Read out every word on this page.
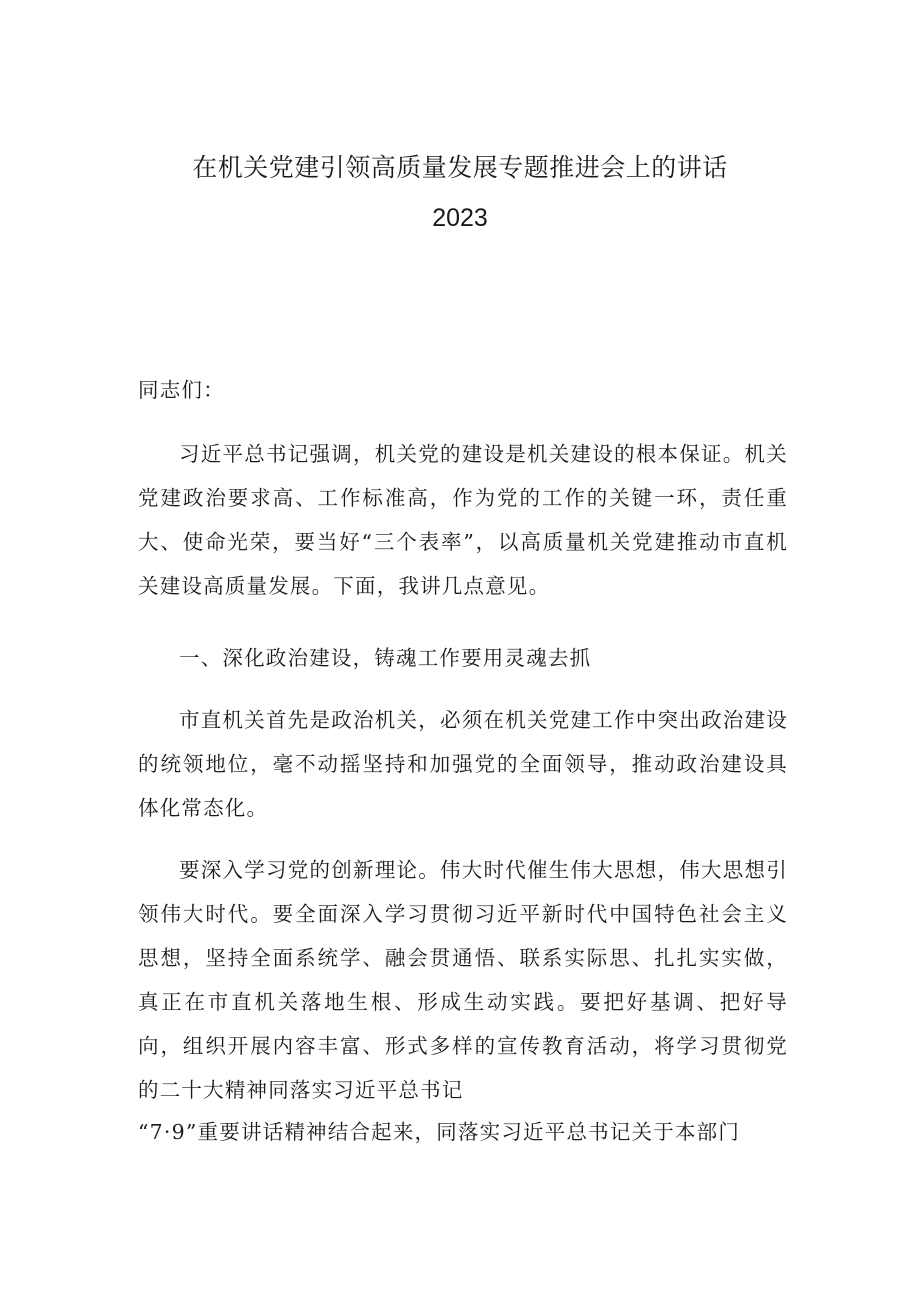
在机关党建引领高质量发展专题推进会上的讲话
2023

同志们：

习近平总书记强调，机关党的建设是机关建设的根本保证。机关党建政治要求高、工作标准高，作为党的工作的关键一环，责任重大、使命光荣，要当好“三个表率”，以高质量机关党建推动市直机关建设高质量发展。下面，我讲几点意见。

一、深化政治建设，铸魂工作要用灵魂去抓

市直机关首先是政治机关，必须在机关党建工作中突出政治建设的统领地位，毫不动摇坚持和加强党的全面领导，推动政治建设具体化常态化。

要深入学习党的创新理论。伟大时代催生伟大思想，伟大思想引领伟大时代。要全面深入学习贯彻习近平新时代中国特色社会主义思想，坚持全面系统学、融会贯通悟、联系实际思、扎扎实实做，真正在市直机关落地生根、形成生动实践。要把好基调、把好导向，组织开展内容丰富、形式多样的宣传教育活动，将学习贯彻党的二十大精神同落实习近平总书记

“7·9”重要讲话精神结合起来，同落实习近平总书记关于本部门
